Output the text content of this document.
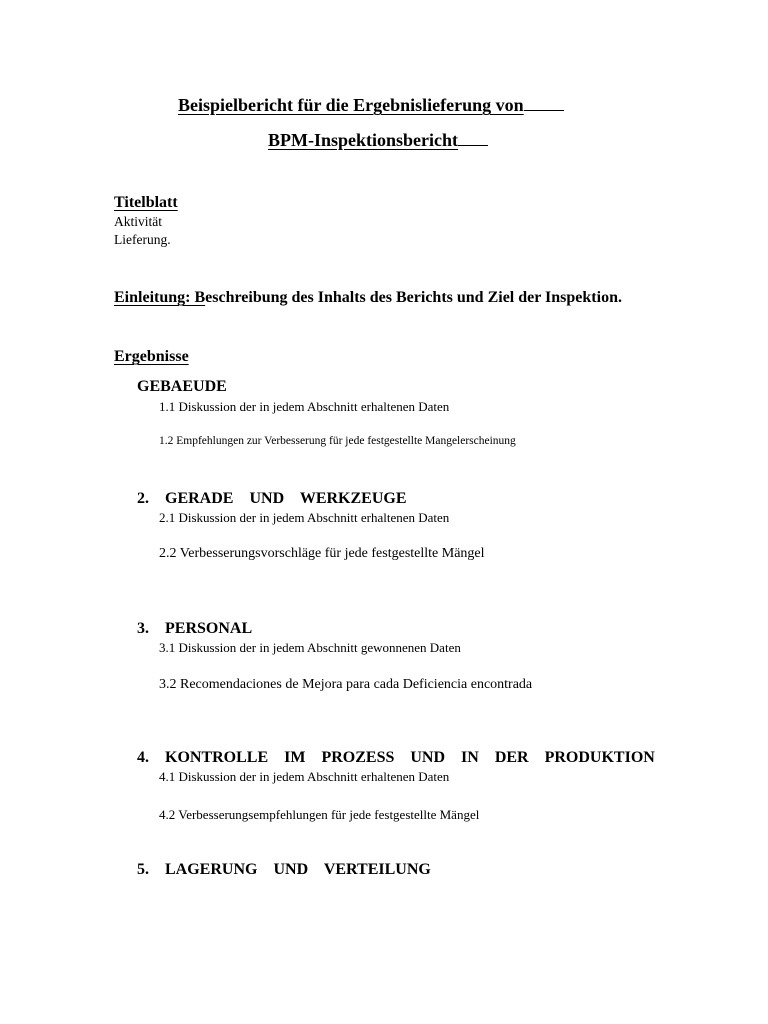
Beispielbericht für die Ergebnislieferung von
BPM-Inspektionsbericht
Titelblatt
Aktivität
Lieferung.
Einleitung: Beschreibung des Inhalts des Berichts und Ziel der Inspektion.
Ergebnisse
GEBAEUDE
1.1 Diskussion der in jedem Abschnitt erhaltenen Daten
1.2 Empfehlungen zur Verbesserung für jede festgestellte Mangelerscheinung
2. GERADE  UND  WERKZEUGE
2.1 Diskussion der in jedem Abschnitt erhaltenen Daten
2.2 Verbesserungsvorschläge für jede festgestellte Mängel
3. PERSONAL
3.1 Diskussion der in jedem Abschnitt gewonnenen Daten
3.2 Recomendaciones de Mejora para cada Deficiencia encontrada
4. KONTROLLE  IM  PROZESS  UND  IN  DER  PRODUKTION
4.1 Diskussion der in jedem Abschnitt erhaltenen Daten
4.2 Verbesserungsempfehlungen für jede festgestellte Mängel
5. LAGERUNG  UND  VERTEILUNG
